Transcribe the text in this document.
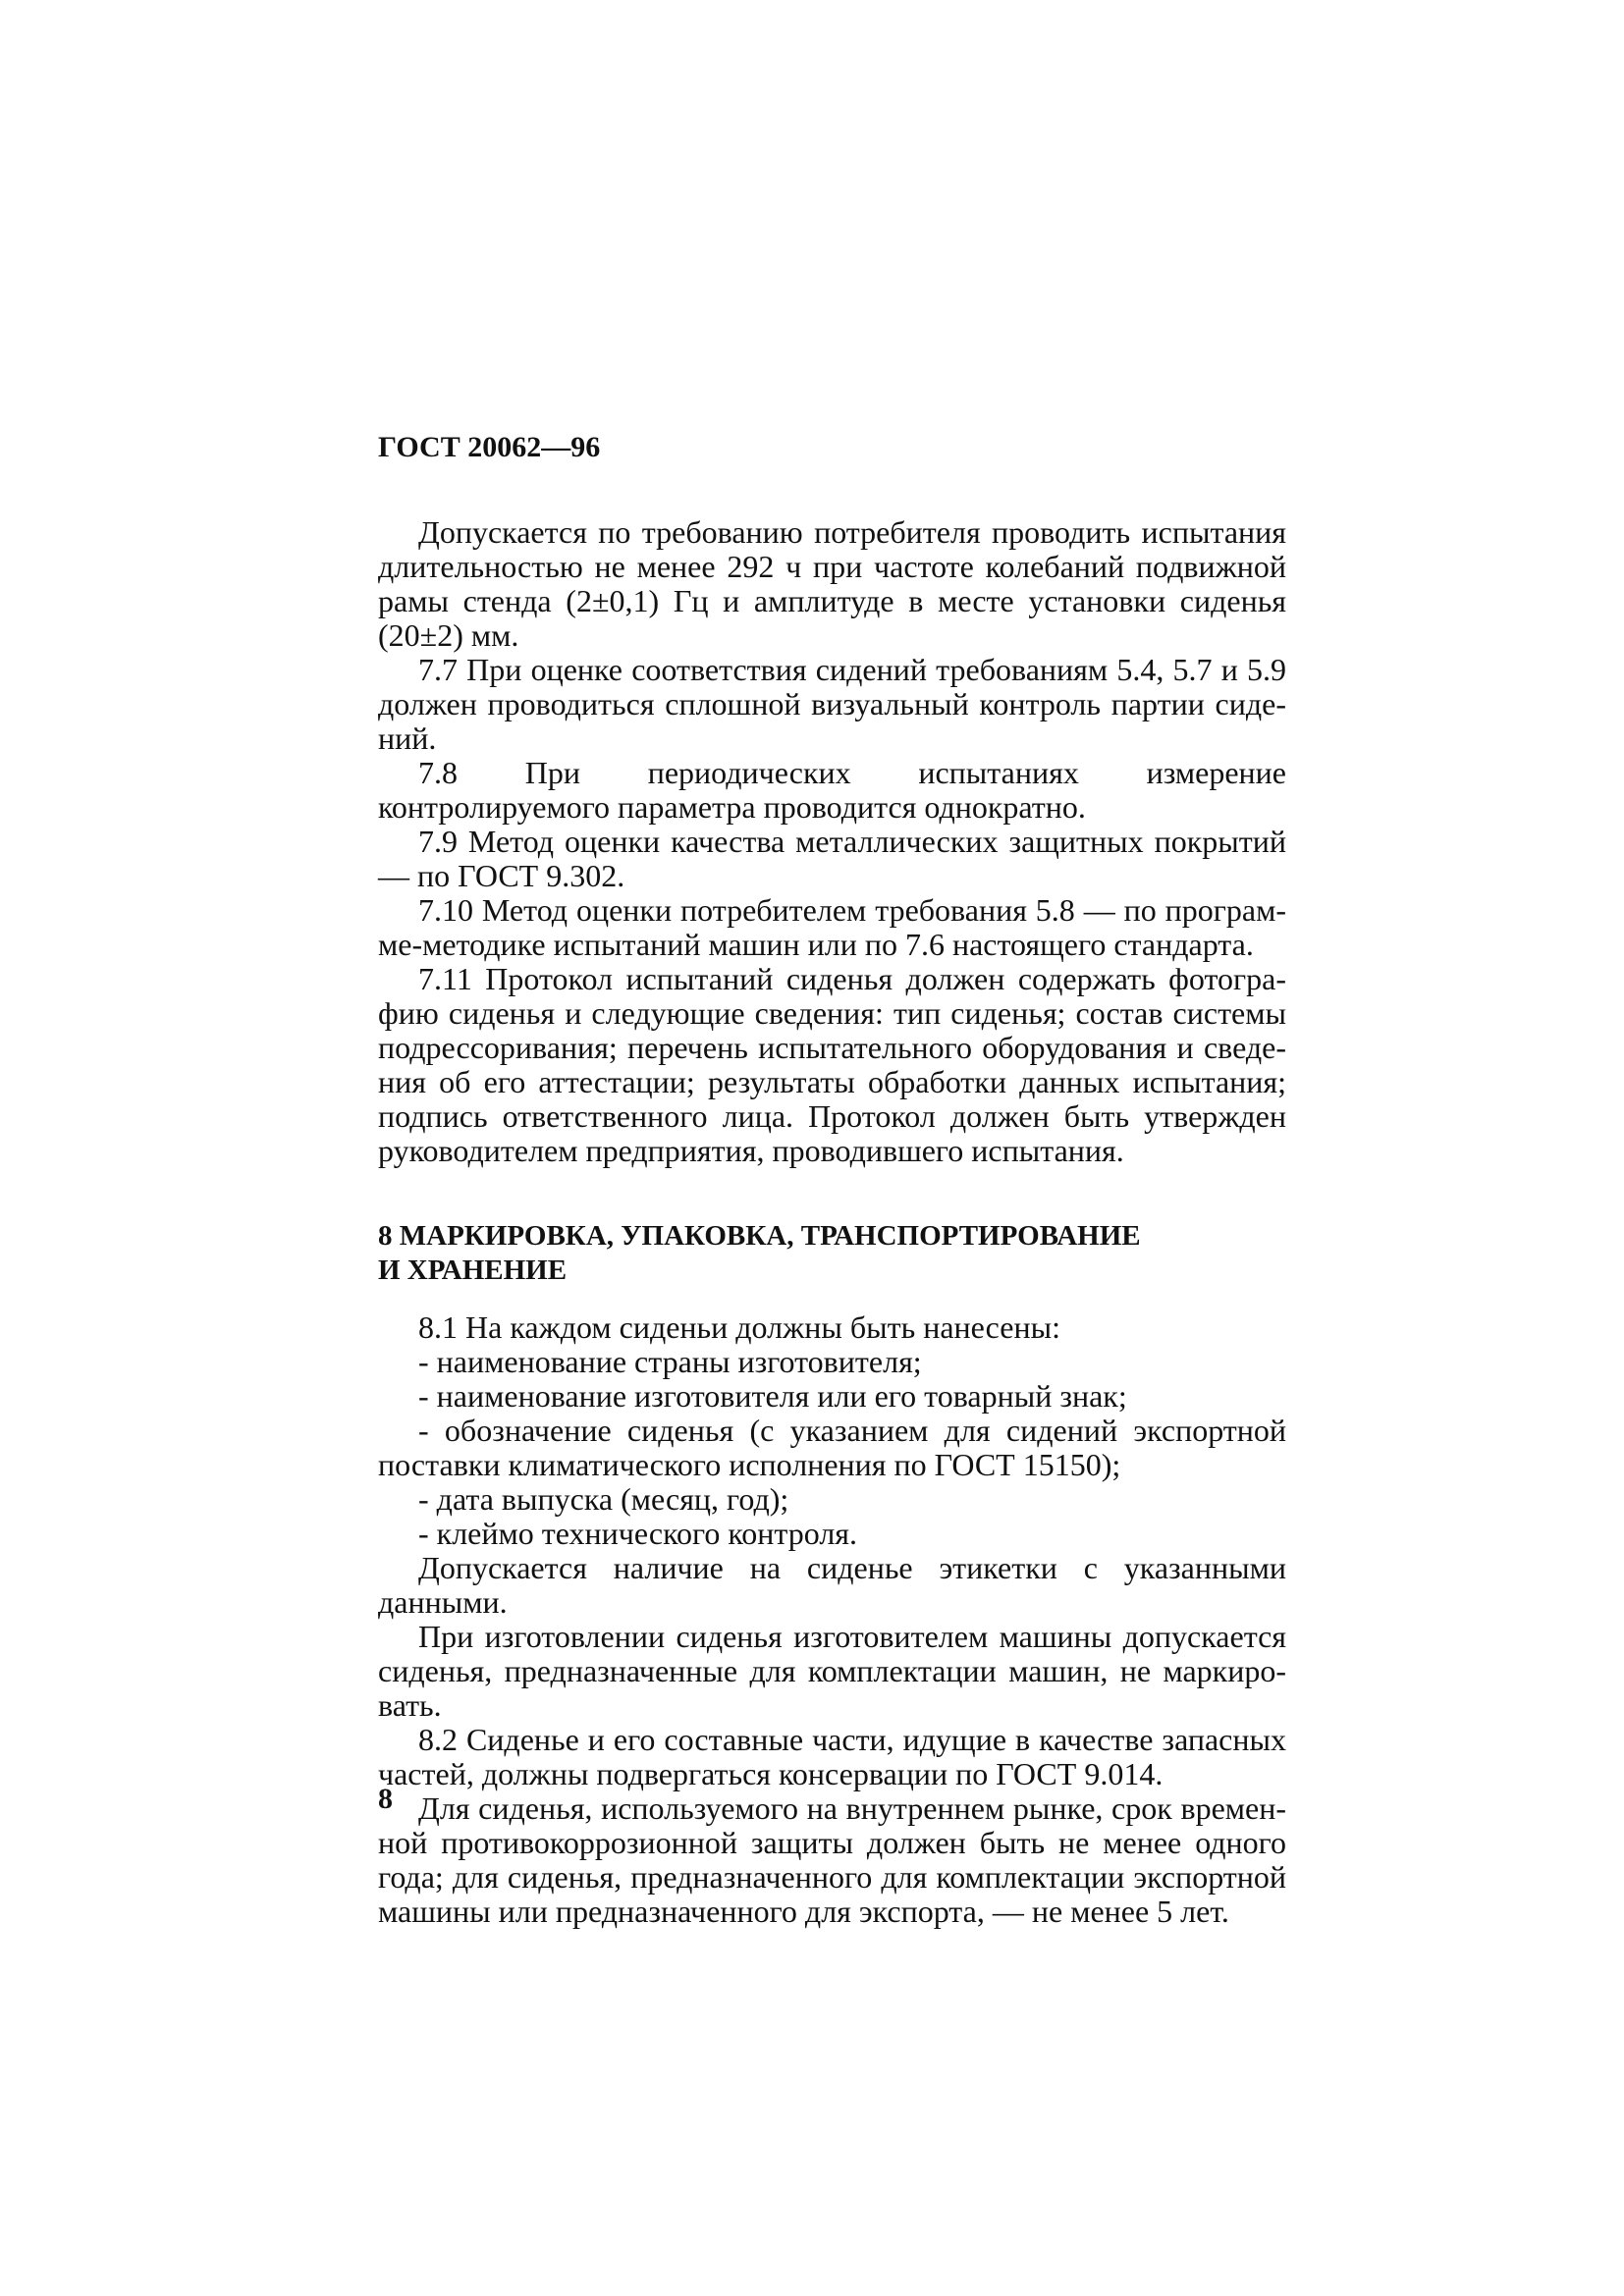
ГОСТ 20062—96

Допускается по требованию потребителя проводить испытания длительностью не менее 292 ч при частоте колебаний подвижной рамы стенда (2±0,1) Гц и амплитуде в месте установки сиденья (20±2) мм.

7.7 При оценке соответствия сидений требованиям 5.4, 5.7 и 5.9 должен проводиться сплошной визуальный контроль партии сиде-ний.

7.8 При периодических испытаниях измерение контролируемого параметра проводится однократно.

7.9 Метод оценки качества металлических защитных покрытий — по ГОСТ 9.302.

7.10 Метод оценки потребителем требования 5.8 — по програм-ме-методике испытаний машин или по 7.6 настоящего стандарта.

7.11 Протокол испытаний сиденья должен содержать фотогра-фию сиденья и следующие сведения: тип сиденья; состав системы подрессоривания; перечень испытательного оборудования и сведе-ния об его аттестации; результаты обработки данных испытания; подпись ответственного лица. Протокол должен быть утвержден руководителем предприятия, проводившего испытания.

8 МАРКИРОВКА, УПАКОВКА, ТРАНСПОРТИРОВАНИЕ
И ХРАНЕНИЕ

8.1 На каждом сиденьи должны быть нанесены:

- наименование страны изготовителя;

- наименование изготовителя или его товарный знак;

- обозначение сиденья (с указанием для сидений экспортной поставки климатического исполнения по ГОСТ 15150);

- дата выпуска (месяц, год);

- клеймо технического контроля.

Допускается наличие на сиденье этикетки с указанными данными.

При изготовлении сиденья изготовителем машины допускается сиденья, предназначенные для комплектации машин, не маркиро-вать.

8.2 Сиденье и его составные части, идущие в качестве запасных частей, должны подвергаться консервации по ГОСТ 9.014.

Для сиденья, используемого на внутреннем рынке, срок времен-ной противокоррозионной защиты должен быть не менее одного года; для сиденья, предназначенного для комплектации экспортной машины или предназначенного для экспорта, — не менее 5 лет.

8
